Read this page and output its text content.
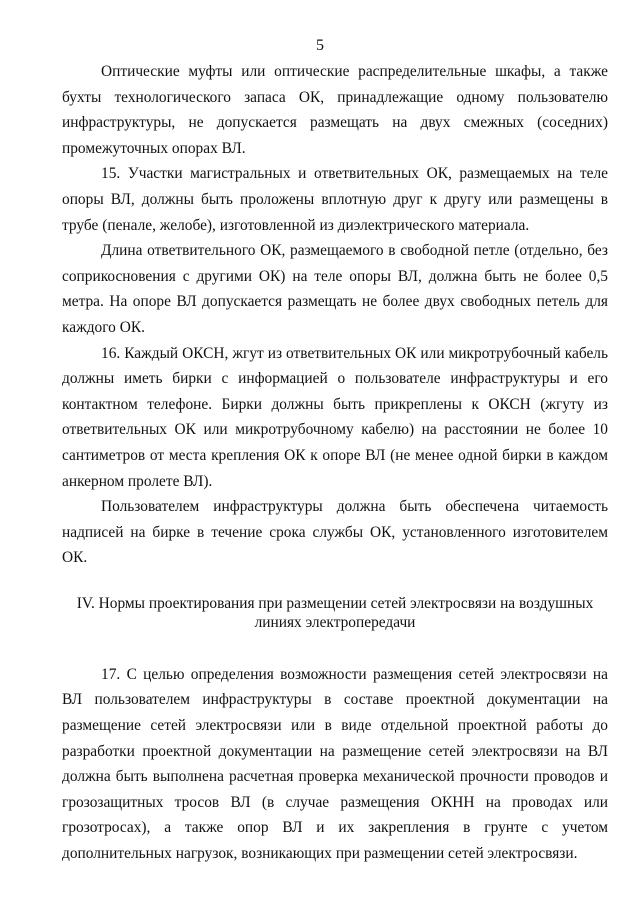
5

Оптические муфты или оптические распределительные шкафы, а также бухты технологического запаса ОК, принадлежащие одному пользователю инфраструктуры, не допускается размещать на двух смежных (соседних) промежуточных опорах ВЛ.

15. Участки магистральных и ответвительных ОК, размещаемых на теле опоры ВЛ, должны быть проложены вплотную друг к другу или размещены в трубе (пенале, желобе), изготовленной из диэлектрического материала.

Длина ответвительного ОК, размещаемого в свободной петле (отдельно, без соприкосновения с другими ОК) на теле опоры ВЛ, должна быть не более 0,5 метра. На опоре ВЛ допускается размещать не более двух свободных петель для каждого ОК.

16. Каждый ОКСН, жгут из ответвительных ОК или микротрубочный кабель должны иметь бирки с информацией о пользователе инфраструктуры и его контактном телефоне. Бирки должны быть прикреплены к ОКСН (жгуту из ответвительных ОК или микротрубочному кабелю) на расстоянии не более 10 сантиметров от места крепления ОК к опоре ВЛ (не менее одной бирки в каждом анкерном пролете ВЛ).

Пользователем инфраструктуры должна быть обеспечена читаемость надписей на бирке в течение срока службы ОК, установленного изготовителем ОК.

IV. Нормы проектирования при размещении сетей электросвязи на воздушных
линиях электропередачи

17. С целью определения возможности размещения сетей электросвязи на ВЛ пользователем инфраструктуры в составе проектной документации на размещение сетей электросвязи или в виде отдельной проектной работы до разработки проектной документации на размещение сетей электросвязи на ВЛ должна быть выполнена расчетная проверка механической прочности проводов и грозозащитных тросов ВЛ (в случае размещения ОКНН на проводах или грозотросах), а также опор ВЛ и их закрепления в грунте с учетом дополнительных нагрузок, возникающих при размещении сетей электросвязи.
